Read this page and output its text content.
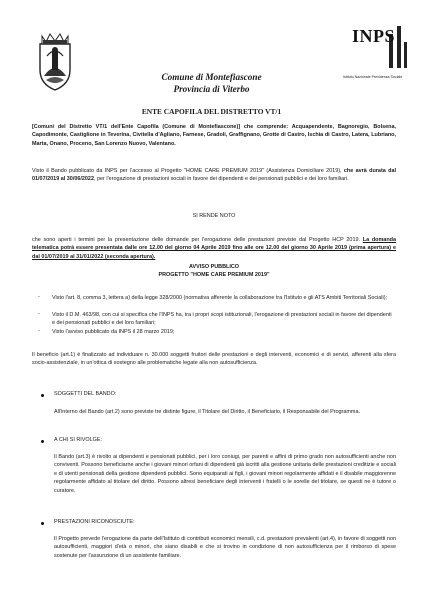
INPS
Istituto Nazionale Previdenza Sociale
Comune di Montefiascone
Provincia di Viterbo
ENTE CAPOFILA DEL DISTRETTO VT/1
[Comuni del Distretto VT/1 dell'Ente Capofila (Comune di Montefiascone)] che comprende: Acquapendente, Bagnoregio, Bolsena, Capodimonte, Castiglione in Teverina, Civitella d'Agliano, Farnese, Gradoli, Graffignano, Grotte di Castro, Ischia di Castro, Latera, Lubriano, Marta, Onano, Proceno, San Lorenzo Nuovo, Valentano.
Visto il Bando pubblicato da INPS per l'accesso al Progetto "HOME CARE PREMIUM 2019" (Assistenza Domiciliare 2019), che avrà durata dal 01/07/2019 al 30/06/2022, per l'erogazione di prestazioni sociali in favore dei dipendenti e dei pensionati pubblici e dei loro familiari.
SI RENDE NOTO
che sono aperti i termini per la presentazione delle domande per l'erogazione delle prestazioni previste dal Progetto HCP 2019. La domanda telematica potrà essere presentata dalle ore 12.00 del giorno 04 Aprile 2019 fino alle ore 12.00 del giorno 30 Aprile 2019 (prima apertura) e dal 01/07/2019 al 31/01/2022 (seconda apertura).
AVVISO PUBBLICO
PROGETTO "HOME CARE PREMIUM 2019"
- Visto l'art. 8, comma 3, lettera a) della legge 328/2000 (normativa afferente la collaborazione tra l'Istituto e gli ATS Ambiti Territoriali Sociali);
- Visto il D.M. 463/98, con cui si specifica che l'INPS ha, tra i propri scopi istituzionali, l'erogazione di prestazioni sociali in favore dei dipendenti e dei pensionati pubblici e dei loro familiari;
- Visto l'avviso pubblicato da INPS il 28 marzo 2019;
Il beneficio (art.1) è finalizzato ad individuare n. 30.000 soggetti fruitori delle prestazioni e degli interventi, economici e di servizi, afferenti alla sfera socio-assistenziale, in un'ottica di sostegno alle problematiche legate alla non autosufficienza.
SOGGETTI DEL BANDO:
All'interno del Bando (art.2) sono previste tre distinte figure, il Titolare del Diritto, il Beneficiario, il Responsabile del Programma.
A CHI SI RIVOLGE:
Il Bando (art.3) è rivolto ai dipendenti e pensionati pubblici, per i loro coniugi, per parenti e affini di primo grado non autosufficienti anche non conviventi. Possono beneficiarne anche i giovani minori orfani di dipendenti già iscritti alla gestione unitaria delle prestazioni creditizie e sociali e di utenti pensionati della gestione dipendenti pubblici. Sono equiparati ai figli, i giovani minori regolarmente affidati e il disabile maggiorenne regolarmente affidato al titolare del diritto. Possono altresì beneficiare degli interventi i fratelli o le sorelle del titolare, se questi ne è tutore o curatore.
PRESTAZIONI RICONOSCIUTE:
Il Progetto prevede l'erogazione da parte dell'Istituto di contributi economici mensili, c.d. prestazioni prevalenti (art.4), in favore di soggetti non autosufficienti, maggiori d'età o minori, che siano disabili e che si trovino in condizione di non autosufficienza per il rimborso di spese sostenute per l'assunzione di un assistente familiare.
